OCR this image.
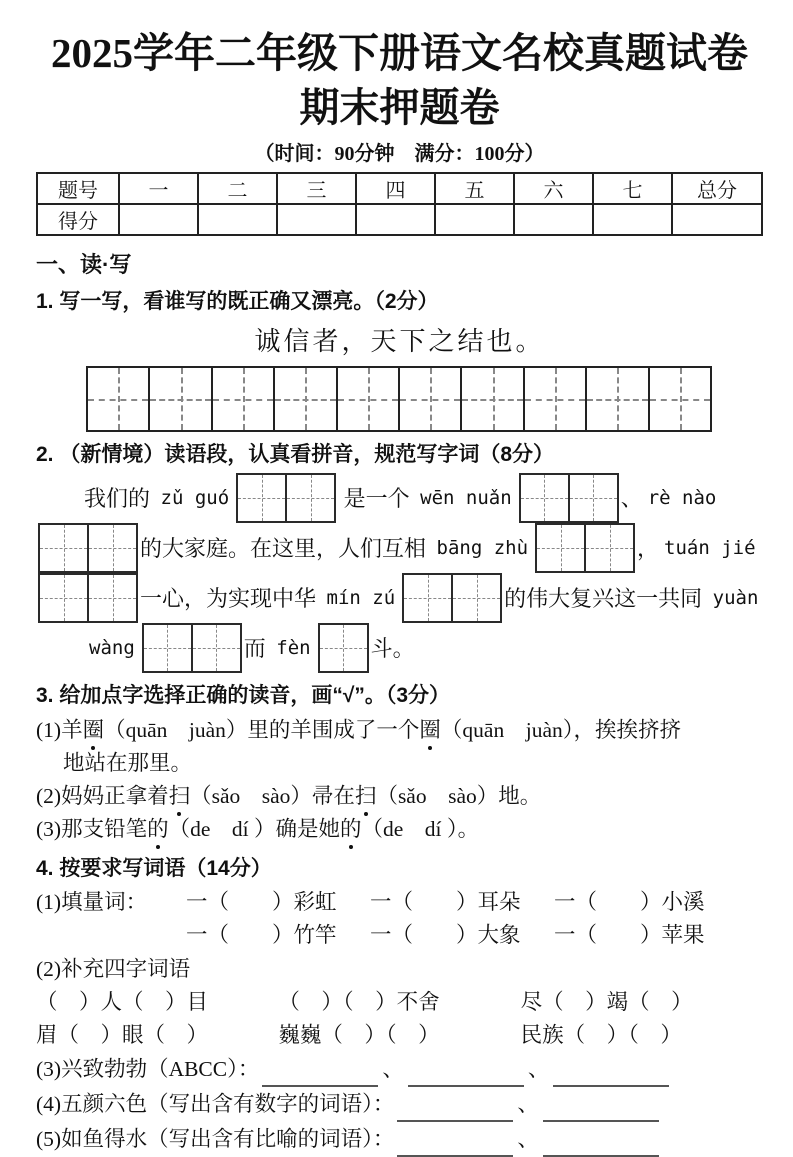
2025学年二年级下册语文名校真题试卷
期末押题卷
（时间：90分钟　满分：100分）
题号	一	二	三	四	五	六	七	总分
得分								
一、读·写
1. 写一写，看谁写的既正确又漂亮。（2分）
诚信者，天下之结也。
2. （新情境）读语段，认真看拼音，规范写字词（8分）
我们的 zǔ guó	是一个 wēn nuǎn	、 rè nào
的大家庭。在这里，人们互相 bāng zhù	， tuán jié
一心，为实现中华 mín zú	的伟大复兴这一共同 yuàn
wàng	而 fèn	斗。
3. 给加点字选择正确的读音，画“√”。（3分）
(1)羊圈（quān　juàn）里的羊围成了一个圈（quān　juàn），挨挨挤挤
地站在那里。
(2)妈妈正拿着扫（sǎo　sào）帚在扫（sǎo　sào）地。
(3)那支铅笔的（de　dí ）确是她的（de　dí ）。
4. 按要求写词语（14分）
(1)填量词：	一（　　）彩虹	一（　　）耳朵	一（　　）小溪
一（　　）竹竿	一（　　）大象	一（　　）苹果
(2)补充四字词语
（　）人（　）目	（　）（　）不舍	尽（　）竭（　）
眉（　）眼（　）	巍巍（　）（　）	民族（　）（　）
(3)兴致勃勃（ABCC）：	、	、
(4)五颜六色（写出含有数字的词语）：	、
(5)如鱼得水（写出含有比喻的词语）：	、
